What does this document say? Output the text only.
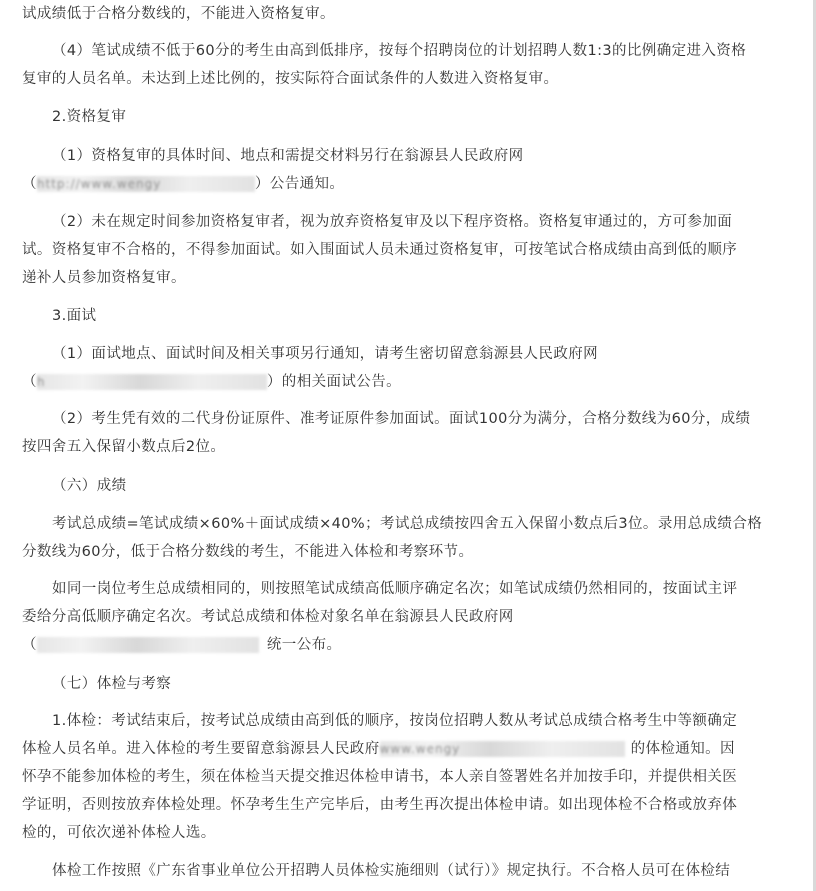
试成绩低于合格分数线的，不能进入资格复审。

（4）笔试成绩不低于60分的考生由高到低排序，按每个招聘岗位的计划招聘人数1:3的比例确定进入资格
复审的人员名单。未达到上述比例的，按实际符合面试条件的人数进入资格复审。

2.资格复审

（1）资格复审的具体时间、地点和需提交材料另行在翁源县人民政府网
（http://www.wengy	）公告通知。

（2）未在规定时间参加资格复审者，视为放弃资格复审及以下程序资格。资格复审通过的，方可参加面
试。资格复审不合格的，不得参加面试。如入围面试人员未通过资格复审，可按笔试合格成绩由高到低的顺序
递补人员参加资格复审。

3.面试

（1）面试地点、面试时间及相关事项另行通知，请考生密切留意翁源县人民政府网
（h	）的相关面试公告。

（2）考生凭有效的二代身份证原件、准考证原件参加面试。面试100分为满分，合格分数线为60分，成绩
按四舍五入保留小数点后2位。

（六）成绩

考试总成绩=笔试成绩×60%＋面试成绩×40%；考试总成绩按四舍五入保留小数点后3位。录用总成绩合格
分数线为60分，低于合格分数线的考生，不能进入体检和考察环节。

如同一岗位考生总成绩相同的，则按照笔试成绩高低顺序确定名次；如笔试成绩仍然相同的，按面试主评
委给分高低顺序确定名次。考试总成绩和体检对象名单在翁源县人民政府网
（	统一公布。

（七）体检与考察

1.体检：考试结束后，按考试总成绩由高到低的顺序，按岗位招聘人数从考试总成绩合格考生中等额确定
体检人员名单。进入体检的考生要留意翁源县人民政府www.wengy	的体检通知。因
怀孕不能参加体检的考生，须在体检当天提交推迟体检申请书，本人亲自签署姓名并加按手印，并提供相关医
学证明，否则按放弃体检处理。怀孕考生生产完毕后，由考生再次提出体检申请。如出现体检不合格或放弃体
检的，可依次递补体检人选。

体检工作按照《广东省事业单位公开招聘人员体检实施细则（试行）》规定执行。不合格人员可在体检结
